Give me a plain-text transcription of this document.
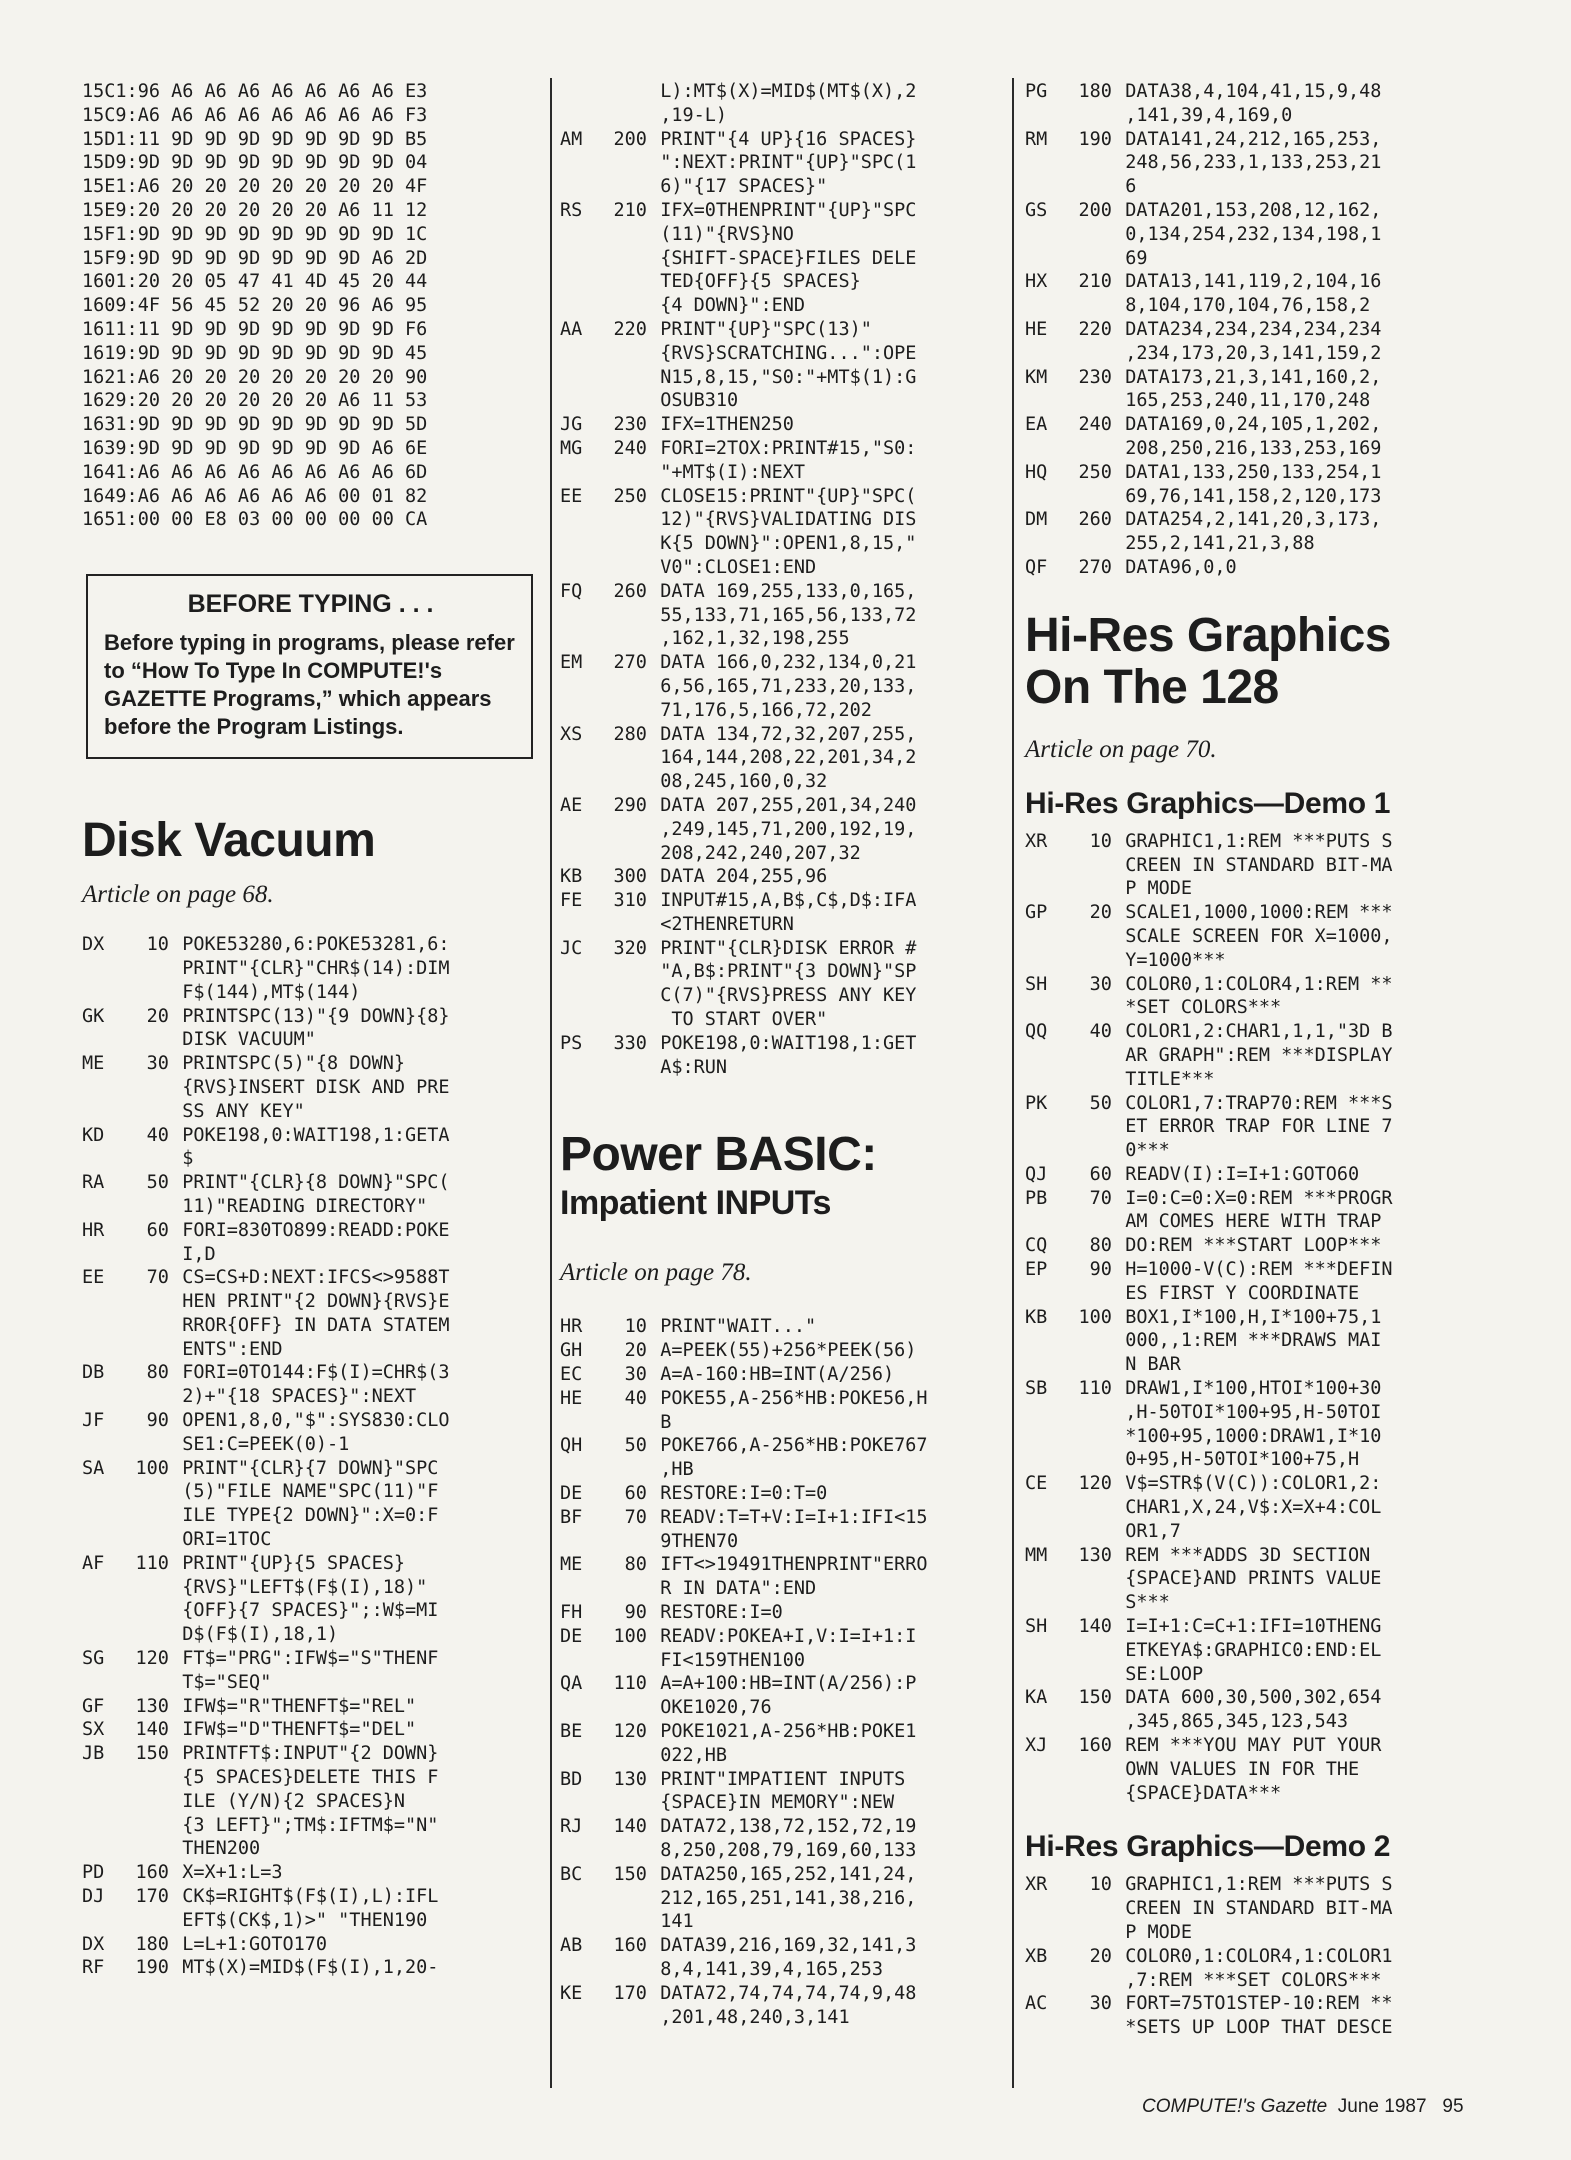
15C1:96 A6 A6 A6 A6 A6 A6 A6 E3
15C9:A6 A6 A6 A6 A6 A6 A6 A6 F3
15D1:11 9D 9D 9D 9D 9D 9D 9D B5
15D9:9D 9D 9D 9D 9D 9D 9D 9D 04
15E1:A6 20 20 20 20 20 20 20 4F
15E9:20 20 20 20 20 20 A6 11 12
15F1:9D 9D 9D 9D 9D 9D 9D 9D 1C
15F9:9D 9D 9D 9D 9D 9D 9D A6 2D
1601:20 20 05 47 41 4D 45 20 44
1609:4F 56 45 52 20 20 96 A6 95
1611:11 9D 9D 9D 9D 9D 9D 9D F6
1619:9D 9D 9D 9D 9D 9D 9D 9D 45
1621:A6 20 20 20 20 20 20 20 90
1629:20 20 20 20 20 20 A6 11 53
1631:9D 9D 9D 9D 9D 9D 9D 9D 5D
1639:9D 9D 9D 9D 9D 9D 9D A6 6E
1641:A6 A6 A6 A6 A6 A6 A6 A6 6D
1649:A6 A6 A6 A6 A6 A6 00 01 82
1651:00 00 E8 03 00 00 00 00 CA
BEFORE TYPING . . .

Before typing in programs, please refer to “How To Type In COMPUTE!'s GAZETTE Programs,” which appears before the Program Listings.

Disk Vacuum

Article on page 68.

DX	10 POKE53280,6:POKE53281,6:
PRINT"{CLR}"CHR$(14):DIM
F$(144),MT$(144)
GK	20 PRINTSPC(13)"{9 DOWN}{8}
DISK VACUUM"
ME	30 PRINTSPC(5)"{8 DOWN}
{RVS}INSERT DISK AND PRE
SS ANY KEY"
KD	40 POKE198,0:WAIT198,1:GETA
$
RA	50 PRINT"{CLR}{8 DOWN}"SPC(
11)"READING DIRECTORY"
HR	60 FORI=830TO899:READD:POKE
I,D
EE	70 CS=CS+D:NEXT:IFCS<>9588T
HEN PRINT"{2 DOWN}{RVS}E
RROR{OFF} IN DATA STATEM
ENTS":END
DB	80 FORI=0TO144:F$(I)=CHR$(3
2)+"{18 SPACES}":NEXT
JF	90 OPEN1,8,0,"$":SYS830:CLO
SE1:C=PEEK(0)-1
SA	100 PRINT"{CLR}{7 DOWN}"SPC
(5)"FILE NAME"SPC(11)"F
ILE TYPE{2 DOWN}":X=0:F
ORI=1TOC
AF	110 PRINT"{UP}{5 SPACES}
{RVS}"LEFT$(F$(I),18)"
{OFF}{7 SPACES}";:W$=MI
D$(F$(I),18,1)
SG	120 FT$="PRG":IFW$="S"THENF
T$="SEQ"
GF	130 IFW$="R"THENFT$="REL"
SX	140 IFW$="D"THENFT$="DEL"
JB	150 PRINTFT$:INPUT"{2 DOWN}
{5 SPACES}DELETE THIS F
ILE (Y/N){2 SPACES}N
{3 LEFT}";TM$:IFTM$="N"
THEN200
PD	160 X=X+1:L=3
DJ	170 CK$=RIGHT$(F$(I),L):IFL
EFT$(CK$,1)>" "THEN190
DX	180 L=L+1:GOTO170
RF	190 MT$(X)=MID$(F$(I),1,20-
L):MT$(X)=MID$(MT$(X),2
,19-L)
AM	200 PRINT"{4 UP}{16 SPACES}
":NEXT:PRINT"{UP}"SPC(1
6)"{17 SPACES}"
RS	210 IFX=0THENPRINT"{UP}"SPC
(11)"{RVS}NO
{SHIFT-SPACE}FILES DELE
TED{OFF}{5 SPACES}
{4 DOWN}":END
AA	220 PRINT"{UP}"SPC(13)"
{RVS}SCRATCHING...":OPE
N15,8,15,"S0:"+MT$(1):G
OSUB310
JG	230 IFX=1THEN250
MG	240 FORI=2TOX:PRINT#15,"S0:
"+MT$(I):NEXT
EE	250 CLOSE15:PRINT"{UP}"SPC(
12)"{RVS}VALIDATING DIS
K{5 DOWN}":OPEN1,8,15,"
V0":CLOSE1:END
FQ	260 DATA 169,255,133,0,165,
55,133,71,165,56,133,72
,162,1,32,198,255
EM	270 DATA 166,0,232,134,0,21
6,56,165,71,233,20,133,
71,176,5,166,72,202
XS	280 DATA 134,72,32,207,255,
164,144,208,22,201,34,2
08,245,160,0,32
AE	290 DATA 207,255,201,34,240
,249,145,71,200,192,19,
208,242,240,207,32
KB	300 DATA 204,255,96
FE	310 INPUT#15,A,B$,C$,D$:IFA
<2THENRETURN
JC	320 PRINT"{CLR}DISK ERROR #
"A,B$:PRINT"{3 DOWN}"SP
C(7)"{RVS}PRESS ANY KEY
TO START OVER"
PS	330 POKE198,0:WAIT198,1:GET
A$:RUN
Power BASIC:
Impatient INPUTs

Article on page 78.

HR	10 PRINT"WAIT..."
GH	20 A=PEEK(55)+256*PEEK(56)
EC	30 A=A-160:HB=INT(A/256)
HE	40 POKE55,A-256*HB:POKE56,H
B
QH	50 POKE766,A-256*HB:POKE767
,HB
DE	60 RESTORE:I=0:T=0
BF	70 READV:T=T+V:I=I+1:IFI<15
9THEN70
ME	80 IFT<>19491THENPRINT"ERRO
R IN DATA":END
FH	90 RESTORE:I=0
DE	100 READV:POKEA+I,V:I=I+1:I
FI<159THEN100
QA	110 A=A+100:HB=INT(A/256):P
OKE1020,76
BE	120 POKE1021,A-256*HB:POKE1
022,HB
BD	130 PRINT"IMPATIENT INPUTS
{SPACE}IN MEMORY":NEW
RJ	140 DATA72,138,72,152,72,19
8,250,208,79,169,60,133
BC	150 DATA250,165,252,141,24,
212,165,251,141,38,216,
141
AB	160 DATA39,216,169,32,141,3
8,4,141,39,4,165,253
KE	170 DATA72,74,74,74,74,9,48
,201,48,240,3,141
PG	180 DATA38,4,104,41,15,9,48
,141,39,4,169,0
RM	190 DATA141,24,212,165,253,
248,56,233,1,133,253,21
6
GS	200 DATA201,153,208,12,162,
0,134,254,232,134,198,1
69
HX	210 DATA13,141,119,2,104,16
8,104,170,104,76,158,2
HE	220 DATA234,234,234,234,234
,234,173,20,3,141,159,2
KM	230 DATA173,21,3,141,160,2,
165,253,240,11,170,248
EA	240 DATA169,0,24,105,1,202,
208,250,216,133,253,169
HQ	250 DATA1,133,250,133,254,1
69,76,141,158,2,120,173
DM	260 DATA254,2,141,20,3,173,
255,2,141,21,3,88
QF	270 DATA96,0,0
Hi-Res Graphics
On The 128

Article on page 70.

Hi-Res Graphics—Demo 1
XR	10 GRAPHIC1,1:REM ***PUTS S
CREEN IN STANDARD BIT-MA
P MODE
GP	20 SCALE1,1000,1000:REM ***
SCALE SCREEN FOR X=1000,
Y=1000***
SH	30 COLOR0,1:COLOR4,1:REM **
*SET COLORS***
QQ	40 COLOR1,2:CHAR1,1,1,"3D B
AR GRAPH":REM ***DISPLAY
TITLE***
PK	50 COLOR1,7:TRAP70:REM ***S
ET ERROR TRAP FOR LINE 7
0***
QJ	60 READV(I):I=I+1:GOTO60
PB	70 I=0:C=0:X=0:REM ***PROGR
AM COMES HERE WITH TRAP
CQ	80 DO:REM ***START LOOP***
EP	90 H=1000-V(C):REM ***DEFIN
ES FIRST Y COORDINATE
KB	100 BOX1,I*100,H,I*100+75,1
000,,1:REM ***DRAWS MAI
N BAR
SB	110 DRAW1,I*100,HTOI*100+30
,H-50TOI*100+95,H-50TOI
*100+95,1000:DRAW1,I*10
0+95,H-50TOI*100+75,H
CE	120 V$=STR$(V(C)):COLOR1,2:
CHAR1,X,24,V$:X=X+4:COL
OR1,7
MM	130 REM ***ADDS 3D SECTION
{SPACE}AND PRINTS VALUE
S***
SH	140 I=I+1:C=C+1:IFI=10THENG
ETKEYA$:GRAPHIC0:END:EL
SE:LOOP
KA	150 DATA 600,30,500,302,654
,345,865,345,123,543
XJ	160 REM ***YOU MAY PUT YOUR
OWN VALUES IN FOR THE
{SPACE}DATA***
Hi-Res Graphics—Demo 2
XR	10 GRAPHIC1,1:REM ***PUTS S
CREEN IN STANDARD BIT-MA
P MODE
XB	20 COLOR0,1:COLOR4,1:COLOR1
,7:REM ***SET COLORS***
AC	30 FORT=75TO1STEP-10:REM **
*SETS UP LOOP THAT DESCE
COMPUTE!'s Gazette June 1987 95
